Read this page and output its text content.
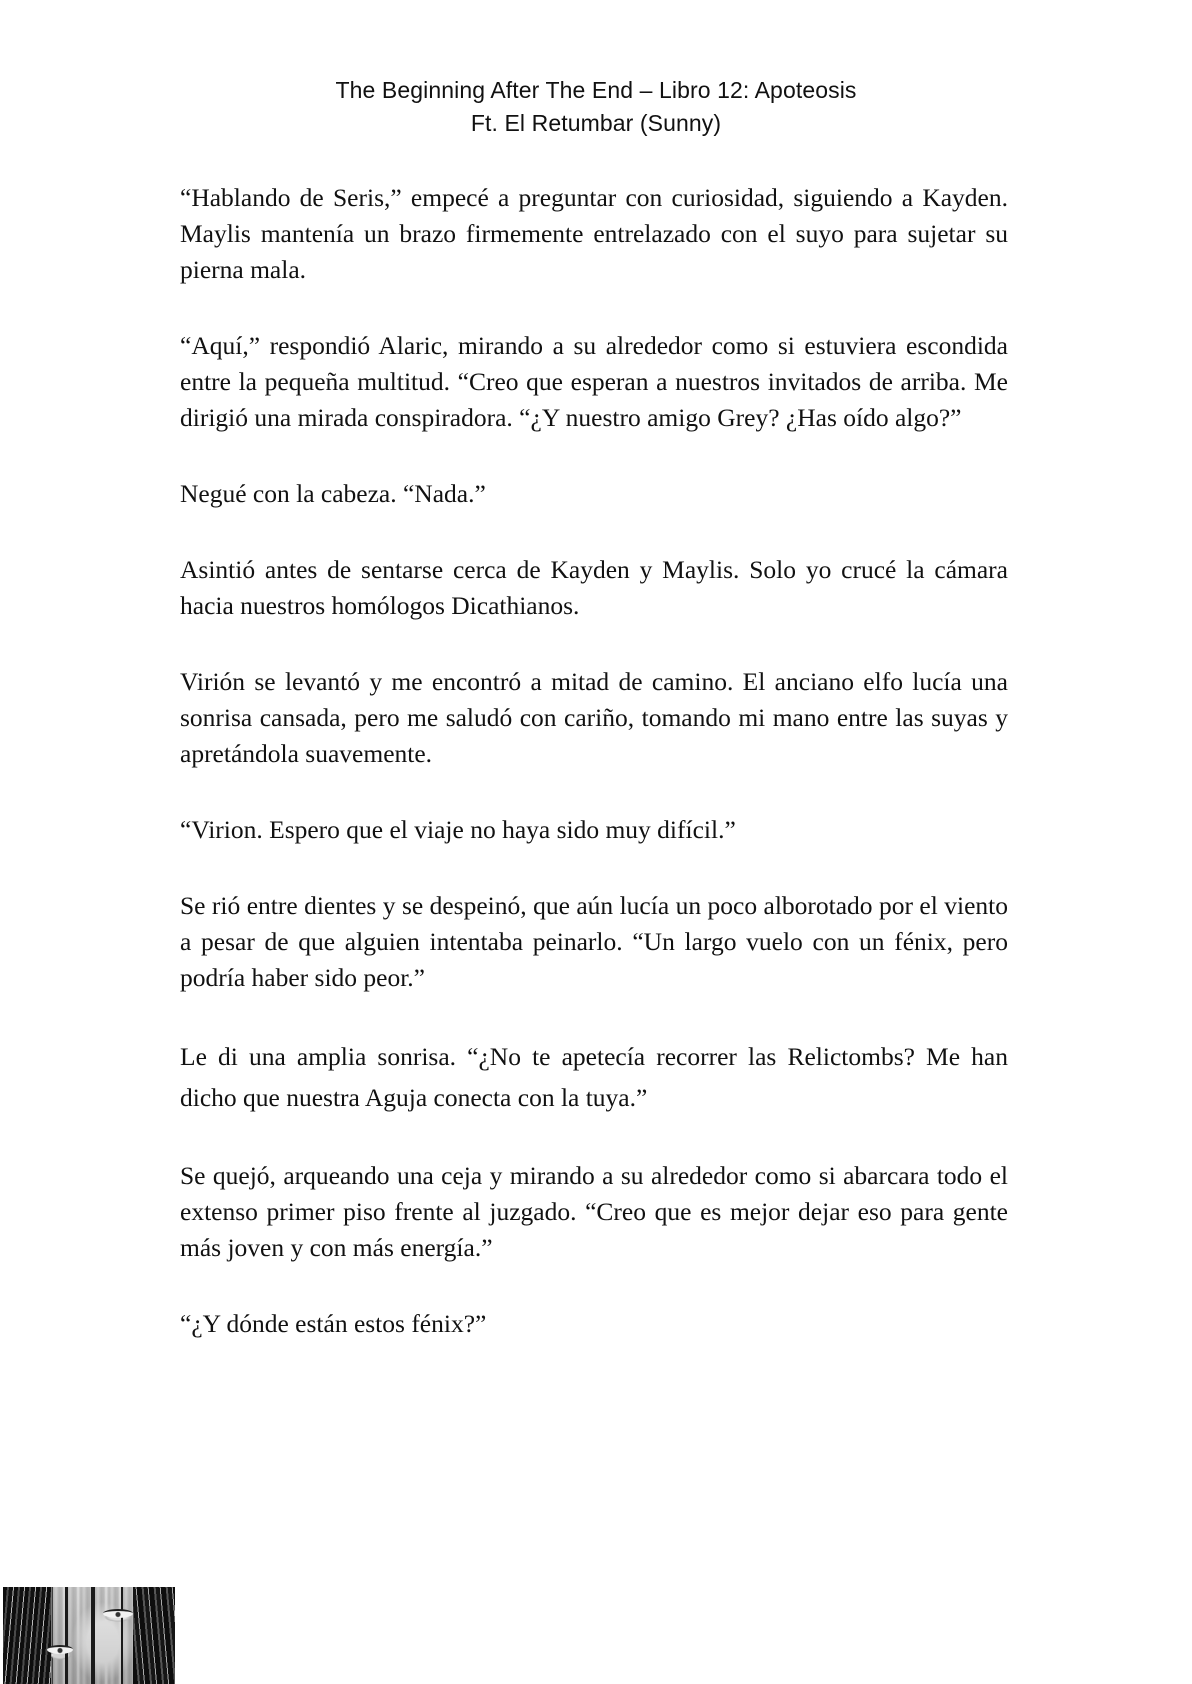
The Beginning After The End – Libro 12: Apoteosis
Ft. El Retumbar (Sunny)

“Hablando de Seris,” empecé a preguntar con curiosidad, siguiendo a Kayden. Maylis mantenía un brazo firmemente entrelazado con el suyo para sujetar su pierna mala.

“Aquí,” respondió Alaric, mirando a su alrededor como si estuviera escondida entre la pequeña multitud. “Creo que esperan a nuestros invitados de arriba. Me dirigió una mirada conspiradora. “¿Y nuestro amigo Grey? ¿Has oído algo?”

Negué con la cabeza. “Nada.”

Asintió antes de sentarse cerca de Kayden y Maylis. Solo yo crucé la cámara hacia nuestros homólogos Dicathianos.

Virión se levantó y me encontró a mitad de camino. El anciano elfo lucía una sonrisa cansada, pero me saludó con cariño, tomando mi mano entre las suyas y apretándola suavemente.

“Virion. Espero que el viaje no haya sido muy difícil.”

Se rió entre dientes y se despeinó, que aún lucía un poco alborotado por el viento a pesar de que alguien intentaba peinarlo. “Un largo vuelo con un fénix, pero podría haber sido peor.”

Le di una amplia sonrisa. “¿No te apetecía recorrer las Relictombs? Me han dicho que nuestra Aguja conecta con la tuya.”

Se quejó, arqueando una ceja y mirando a su alrededor como si abarcara todo el extenso primer piso frente al juzgado. “Creo que es mejor dejar eso para gente más joven y con más energía.”

“¿Y dónde están estos fénix?”
